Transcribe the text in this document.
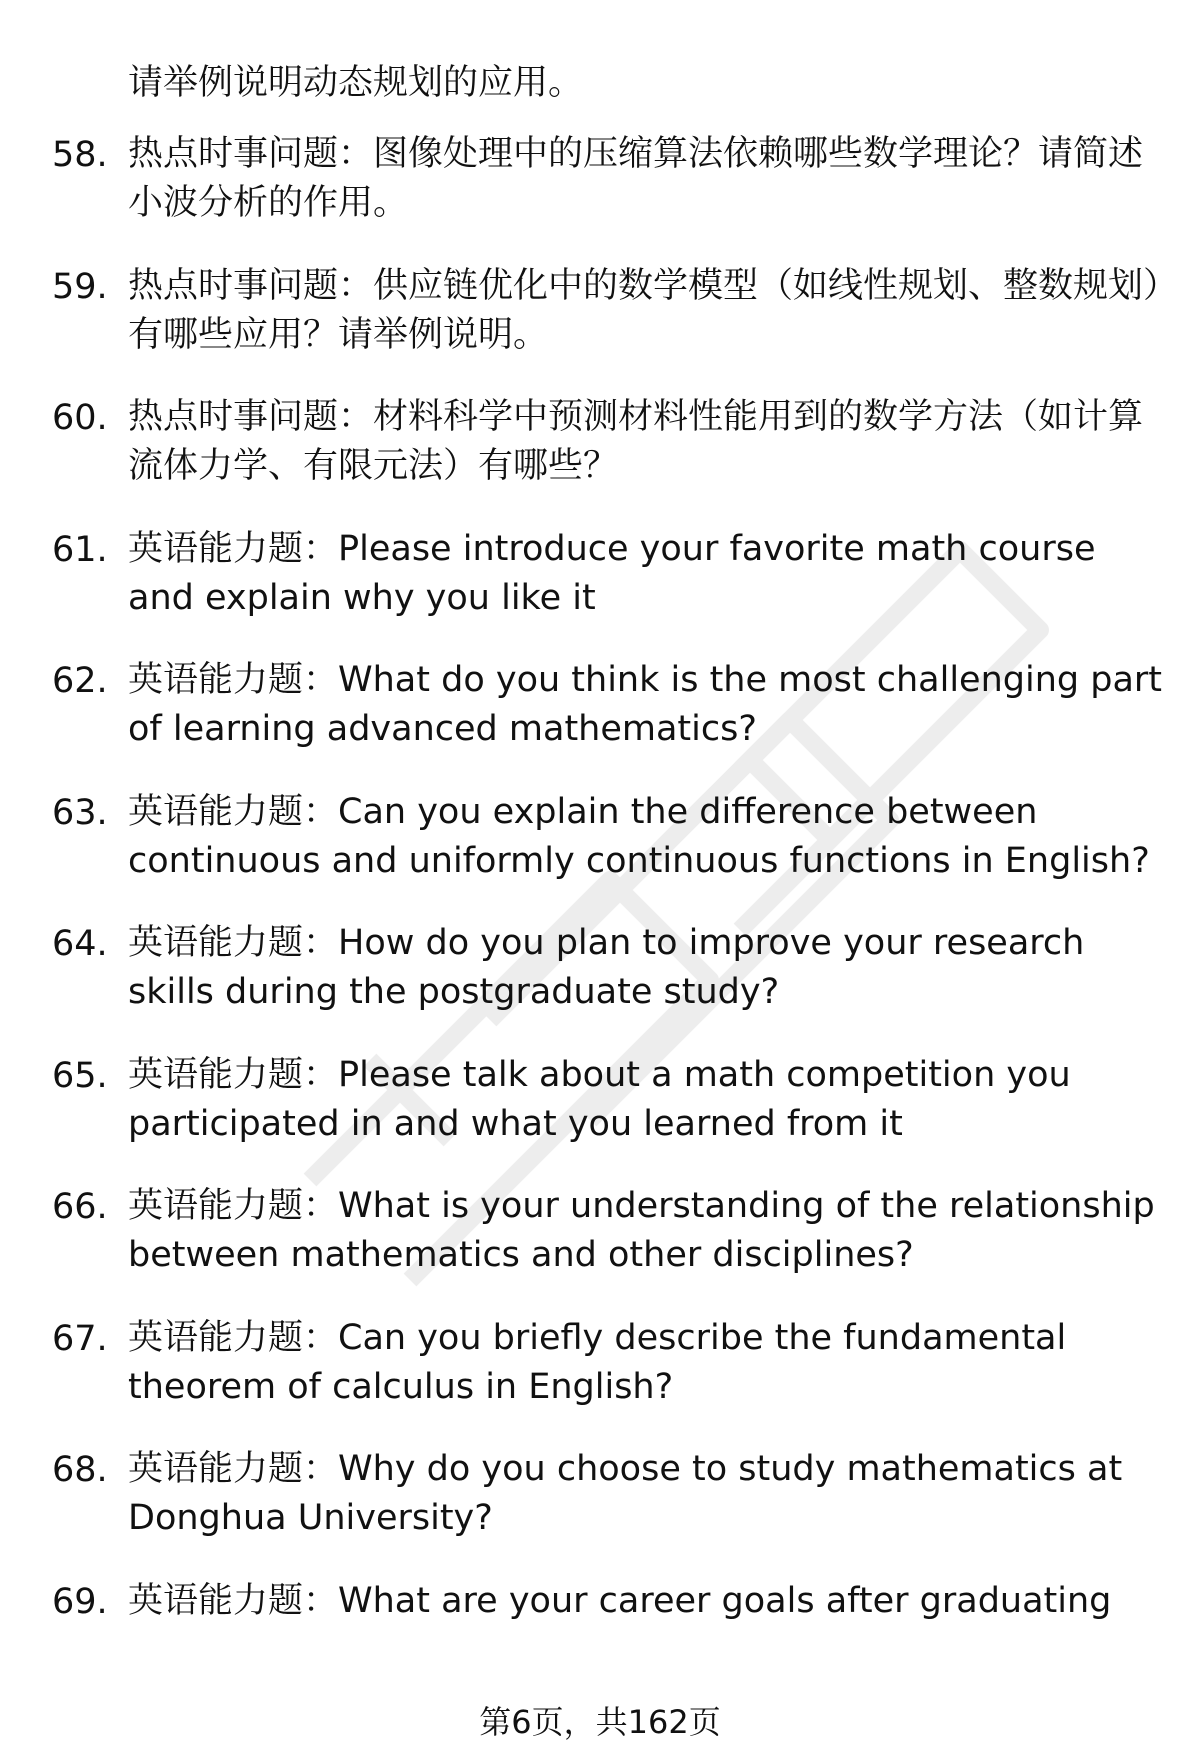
请举例说明动态规划的应用。
58. 热点时事问题：图像处理中的压缩算法依赖哪些数学理论？请简述小波分析的作用。
59. 热点时事问题：供应链优化中的数学模型（如线性规划、整数规划）有哪些应用？请举例说明。
60. 热点时事问题：材料科学中预测材料性能用到的数学方法（如计算流体力学、有限元法）有哪些？
61. 英语能力题：Please introduce your favorite math course and explain why you like it
62. 英语能力题：What do you think is the most challenging part of learning advanced mathematics?
63. 英语能力题：Can you explain the difference between continuous and uniformly continuous functions in English?
64. 英语能力题：How do you plan to improve your research skills during the postgraduate study?
65. 英语能力题：Please talk about a math competition you participated in and what you learned from it
66. 英语能力题：What is your understanding of the relationship between mathematics and other disciplines?
67. 英语能力题：Can you briefly describe the fundamental theorem of calculus in English?
68. 英语能力题：Why do you choose to study mathematics at Donghua University?
69. 英语能力题：What are your career goals after graduating
第6页，共162页
